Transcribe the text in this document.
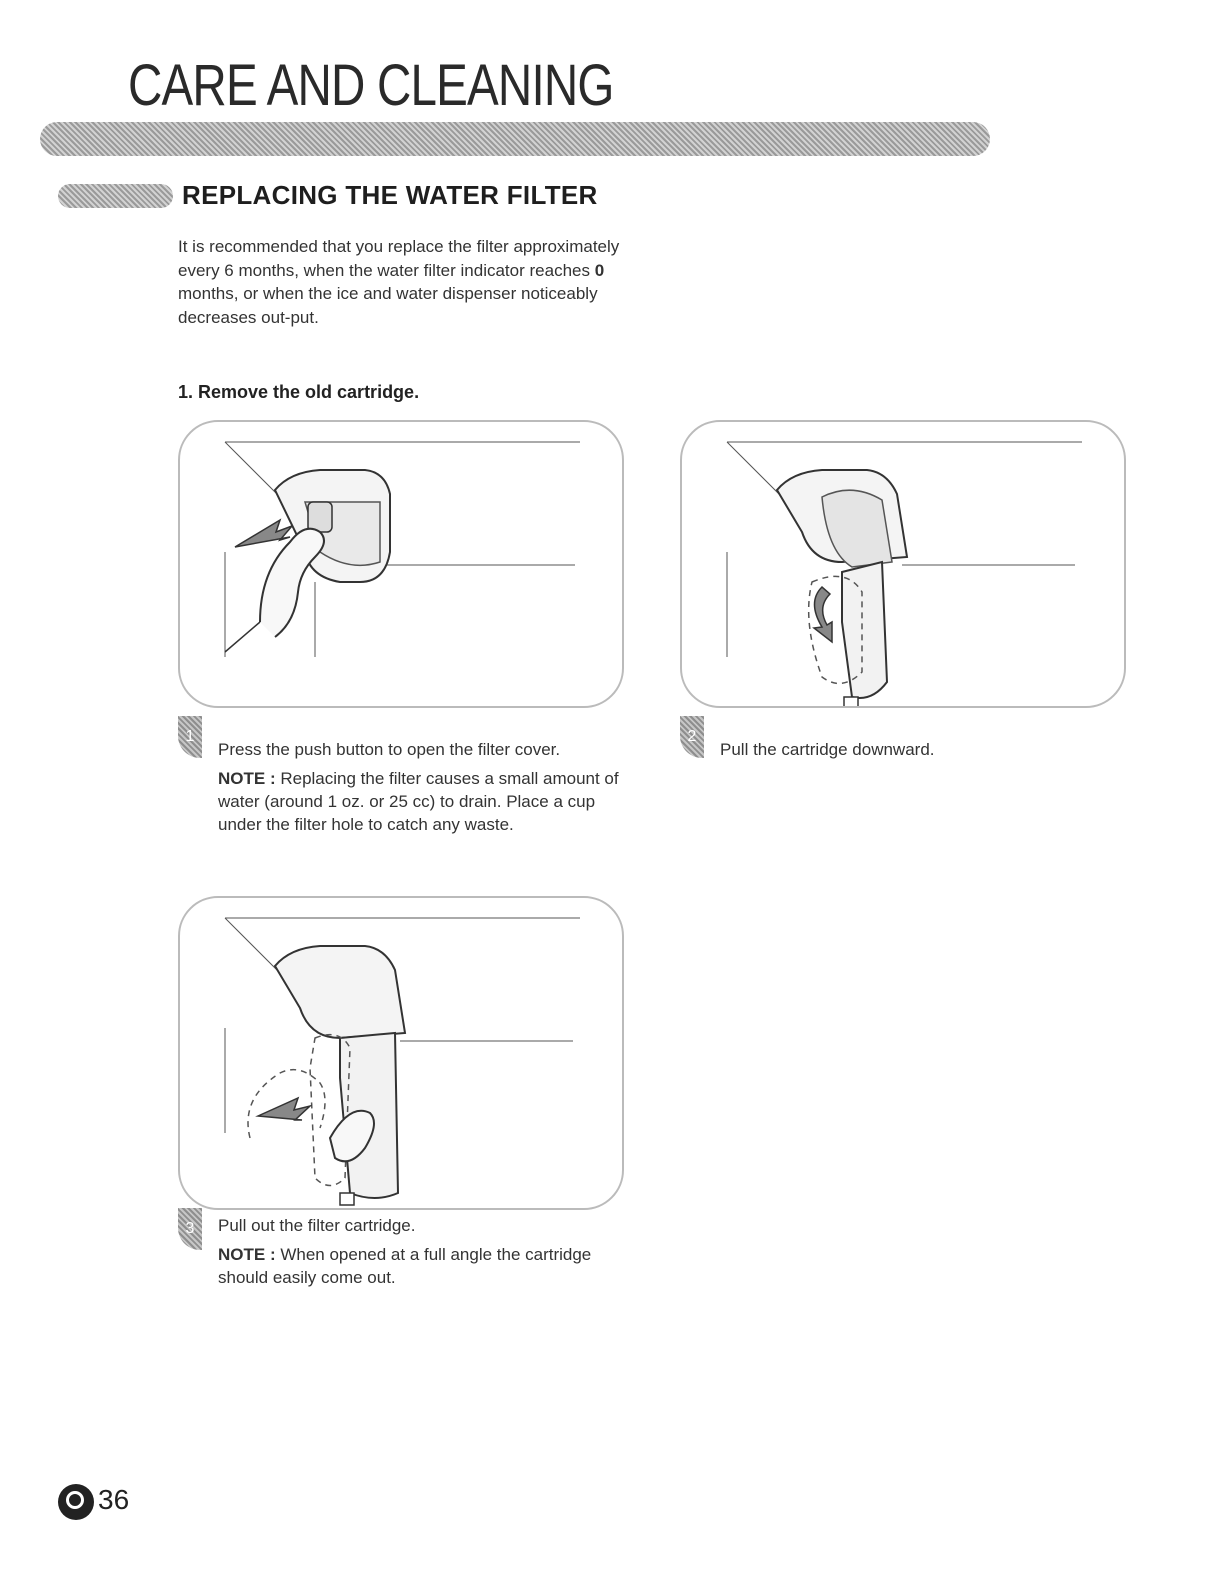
CARE AND CLEANING
REPLACING THE WATER FILTER
It is recommended that you replace the filter approximately every 6 months, when the water filter indicator reaches 0 months, or when the ice and water dispenser noticeably decreases out-put.
1. Remove the old cartridge.
1
Press the push button to open the filter cover.
NOTE : Replacing the filter causes a small amount of water (around 1 oz. or 25 cc) to drain. Place a cup under the filter hole to catch any waste.
2
Pull the cartridge downward.
3	Pull out the filter cartridge.
NOTE : When opened at a full angle the cartridge should easily come out.
36
